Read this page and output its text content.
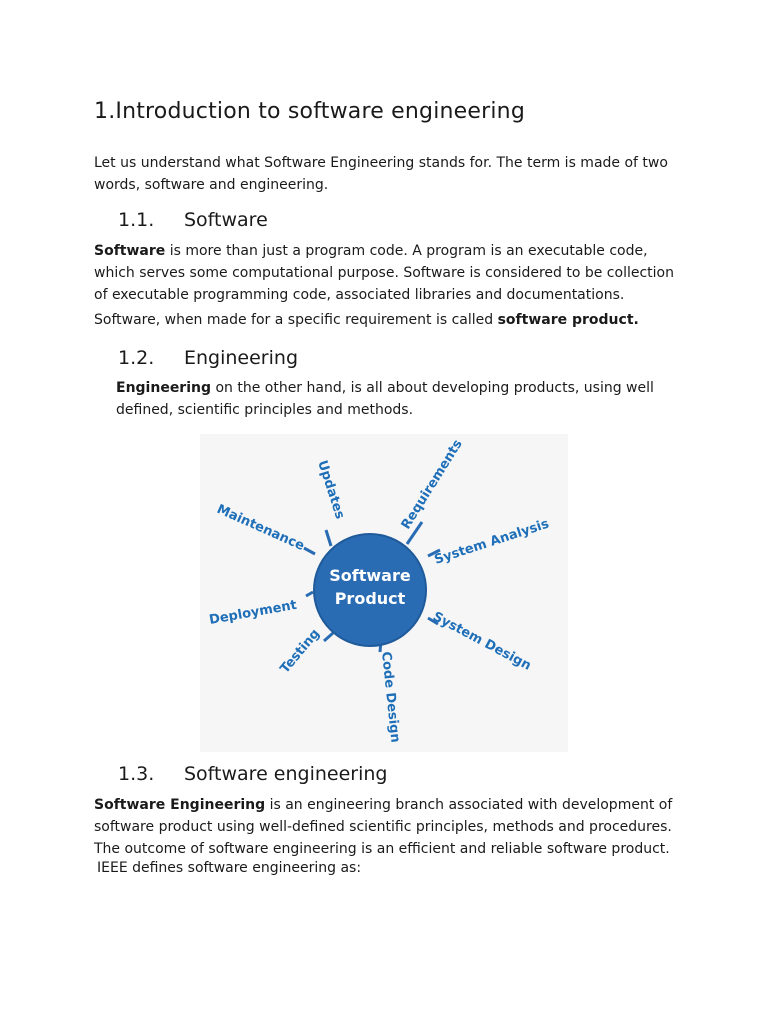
1.Introduction to software engineering

Let us understand what Software Engineering stands for. The term is made of two
words, software and engineering.

1.1. Software

Software is more than just a program code. A program is an executable code,
which serves some computational purpose. Software is considered to be collection
of executable programming code, associated libraries and documentations.

Software, when made for a specific requirement is called software product.

1.2. Engineering

Engineering on the other hand, is all about developing products, using well
defined, scientific principles and methods.

Software
Product
Updates	Requirements
System Analysis
System Design
Code Design
Testing
Deployment
Maintenance
1.3. Software engineering

Software Engineering is an engineering branch associated with development of
software product using well-defined scientific principles, methods and procedures.
The outcome of software engineering is an efficient and reliable software product.

IEEE defines software engineering as:
